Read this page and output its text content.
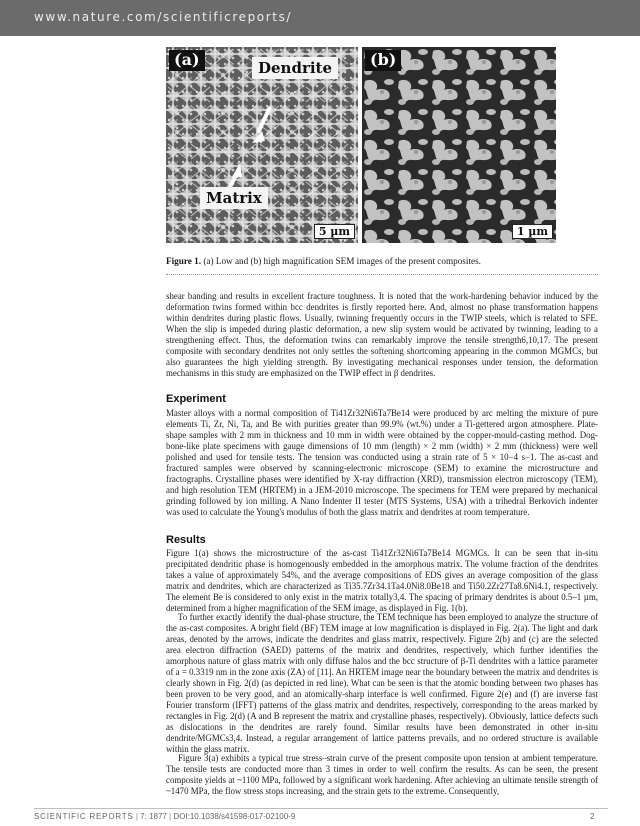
www.nature.com/scientificreports/
(a)	Dendrite
Matrix
5 µm
(b)
1 µm
Figure 1. (a) Low and (b) high magnification SEM images of the present composites.
shear banding and results in excellent fracture toughness. It is noted that the work-hardening behavior induced by the deformation twins formed within bcc dendrites is firstly reported here. And, almost no phase transformation happens within dendrites during plastic flows. Usually, twinning frequently occurs in the TWIP steels, which is related to SFE. When the slip is impeded during plastic deformation, a new slip system would be activated by twinning, leading to a strengthening effect. Thus, the deformation twins can remarkably improve the tensile strength6,10,17. The present composite with secondary dendrites not only settles the softening shortcoming appearing in the common MGMCs, but also guarantees the high yielding strength. By investigating mechanical responses under tension, the deformation mechanisms in this study are emphasized on the TWIP effect in β dendrites.
Experiment
Master alloys with a normal composition of Ti41Zr32Ni6Ta7Be14 were produced by arc melting the mixture of pure elements Ti, Zr, Ni, Ta, and Be with purities greater than 99.9% (wt.%) under a Ti-gettered argon atmosphere. Plate-shape samples with 2 mm in thickness and 10 mm in width were obtained by the copper-mould-casting method. Dog-bone-like plate specimens with gauge dimensions of 10 mm (length) × 2 mm (width) × 2 mm (thickness) were well polished and used for tensile tests. The tension was conducted using a strain rate of 5 × 10−4 s−1. The as-cast and fractured samples were observed by scanning-electronic microscope (SEM) to examine the microstructure and fractographs. Crystalline phases were identified by X-ray diffraction (XRD), transmission electron microscopy (TEM), and high resolution TEM (HRTEM) in a JEM-2010 microscope. The specimens for TEM were prepared by mechanical grinding followed by ion milling. A Nano Indenter II tester (MTS Systems, USA) with a trihedral Berkovich indenter was used to calculate the Young's modulus of both the glass matrix and dendrites at room temperature.
Results
Figure 1(a) shows the microstructure of the as-cast Ti41Zr32Ni6Ta7Be14 MGMCs. It can be seen that in-situ precipitated dendritic phase is homogenously embedded in the amorphous matrix. The volume fraction of the dendrites takes a value of approximately 54%, and the average compositions of EDS gives an average composition of the glass matrix and dendrites, which are characterized as Ti35.7Zr34.1Ta4.0Ni8.0Be18 and Ti50.2Zr27Ta8.6Ni4.1, respectively. The element Be is considered to only exist in the matrix totally3,4. The spacing of primary dendrites is about 0.5–1 µm, determined from a higher magnification of the SEM image, as displayed in Fig. 1(b).
To further exactly identify the dual-phase structure, the TEM technique has been employed to analyze the structure of the as-cast composites. A bright field (BF) TEM image at low magnification is displayed in Fig. 2(a). The light and dark areas, denoted by the arrows, indicate the dendrites and glass matrix, respectively. Figure 2(b) and (c) are the selected area electron diffraction (SAED) patterns of the matrix and dendrites, respectively, which further identifies the amorphous nature of glass matrix with only diffuse halos and the bcc structure of β-Ti dendrites with a lattice parameter of a = 0.3319 nm in the zone axis (ZA) of [11]. An HRTEM image near the boundary between the matrix and dendrites is clearly shown in Fig. 2(d) (as depicted in red line). What can be seen is that the atomic bonding between two phases has been proven to be very good, and an atomically-sharp interface is well confirmed. Figure 2(e) and (f) are inverse fast Fourier transform (IFFT) patterns of the glass matrix and dendrites, respectively, corresponding to the areas marked by rectangles in Fig. 2(d) (A and B represent the matrix and crystalline phases, respectively). Obviously, lattice defects such as dislocations in the dendrites are rarely found. Similar results have been demonstrated in other in-situ dendrite/MGMCs3,4. Instead, a regular arrangement of lattice patterns prevails, and no ordered structure is available within the glass matrix.
Figure 3(a) exhibits a typical true stress–strain curve of the present composite upon tension at ambient temperature. The tensile tests are conducted more than 3 times in order to well confirm the results. As can be seen, the present composite yields at ~1100 MPa, followed by a significant work hardening. After achieving an ultimate tensile strength of ~1470 MPa, the flow stress stops increasing, and the strain gets to the extreme. Consequently,
SCIENTIFIC REPORTS | 7: 1877 | DOI:10.1038/s41598-017-02100-9	2
